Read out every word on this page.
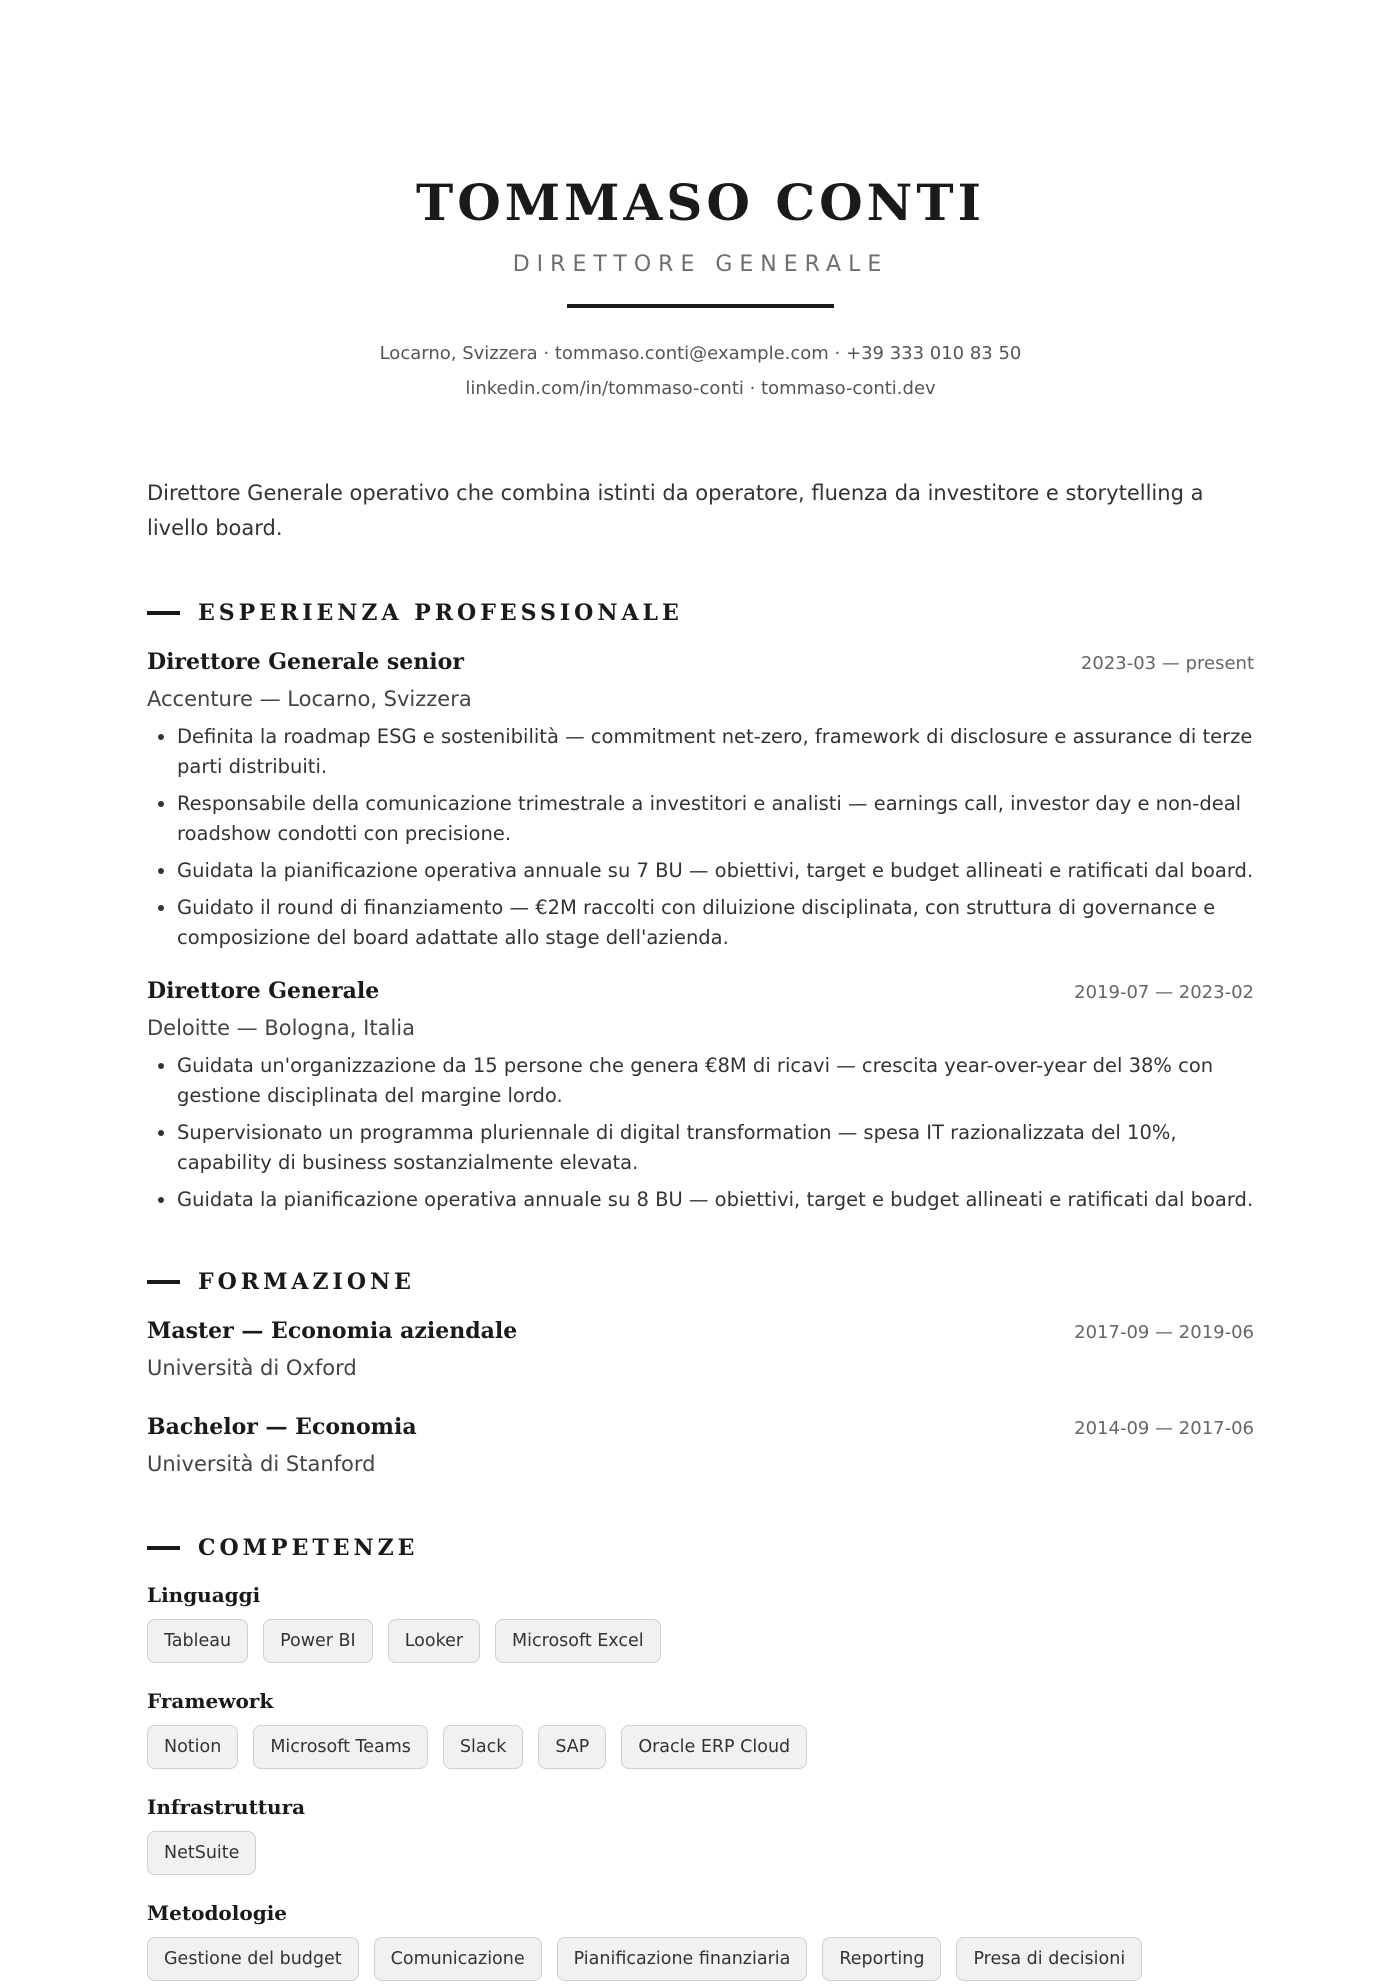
TOMMASO CONTI
DIRETTORE GENERALE
Locarno, Svizzera · tommaso.conti@example.com · +39 333 010 83 50
linkedin.com/in/tommaso-conti · tommaso-conti.dev
Direttore Generale operativo che combina istinti da operatore, fluenza da investitore e storytelling a livello board.
ESPERIENZA PROFESSIONALE
Direttore Generale senior	2023-03 — present
Accenture — Locarno, Svizzera
• Definita la roadmap ESG e sostenibilità — commitment net-zero, framework di disclosure e assurance di terze parti distribuiti.
• Responsabile della comunicazione trimestrale a investitori e analisti — earnings call, investor day e non-deal roadshow condotti con precisione.
• Guidata la pianificazione operativa annuale su 7 BU — obiettivi, target e budget allineati e ratificati dal board.
• Guidato il round di finanziamento — €2M raccolti con diluizione disciplinata, con struttura di governance e composizione del board adattate allo stage dell'azienda.
Direttore Generale	2019-07 — 2023-02
Deloitte — Bologna, Italia
• Guidata un'organizzazione da 15 persone che genera €8M di ricavi — crescita year-over-year del 38% con gestione disciplinata del margine lordo.
• Supervisionato un programma pluriennale di digital transformation — spesa IT razionalizzata del 10%, capability di business sostanzialmente elevata.
• Guidata la pianificazione operativa annuale su 8 BU — obiettivi, target e budget allineati e ratificati dal board.
FORMAZIONE
Master — Economia aziendale	2017-09 — 2019-06
Università di Oxford
Bachelor — Economia	2014-09 — 2017-06
Università di Stanford
COMPETENZE
Linguaggi
Tableau	Power BI	Looker	Microsoft Excel
Framework
Notion	Microsoft Teams	Slack	SAP	Oracle ERP Cloud
Infrastruttura
NetSuite
Metodologie
Gestione del budget	Comunicazione	Pianificazione finanziaria	Reporting	Presa di decisioni
